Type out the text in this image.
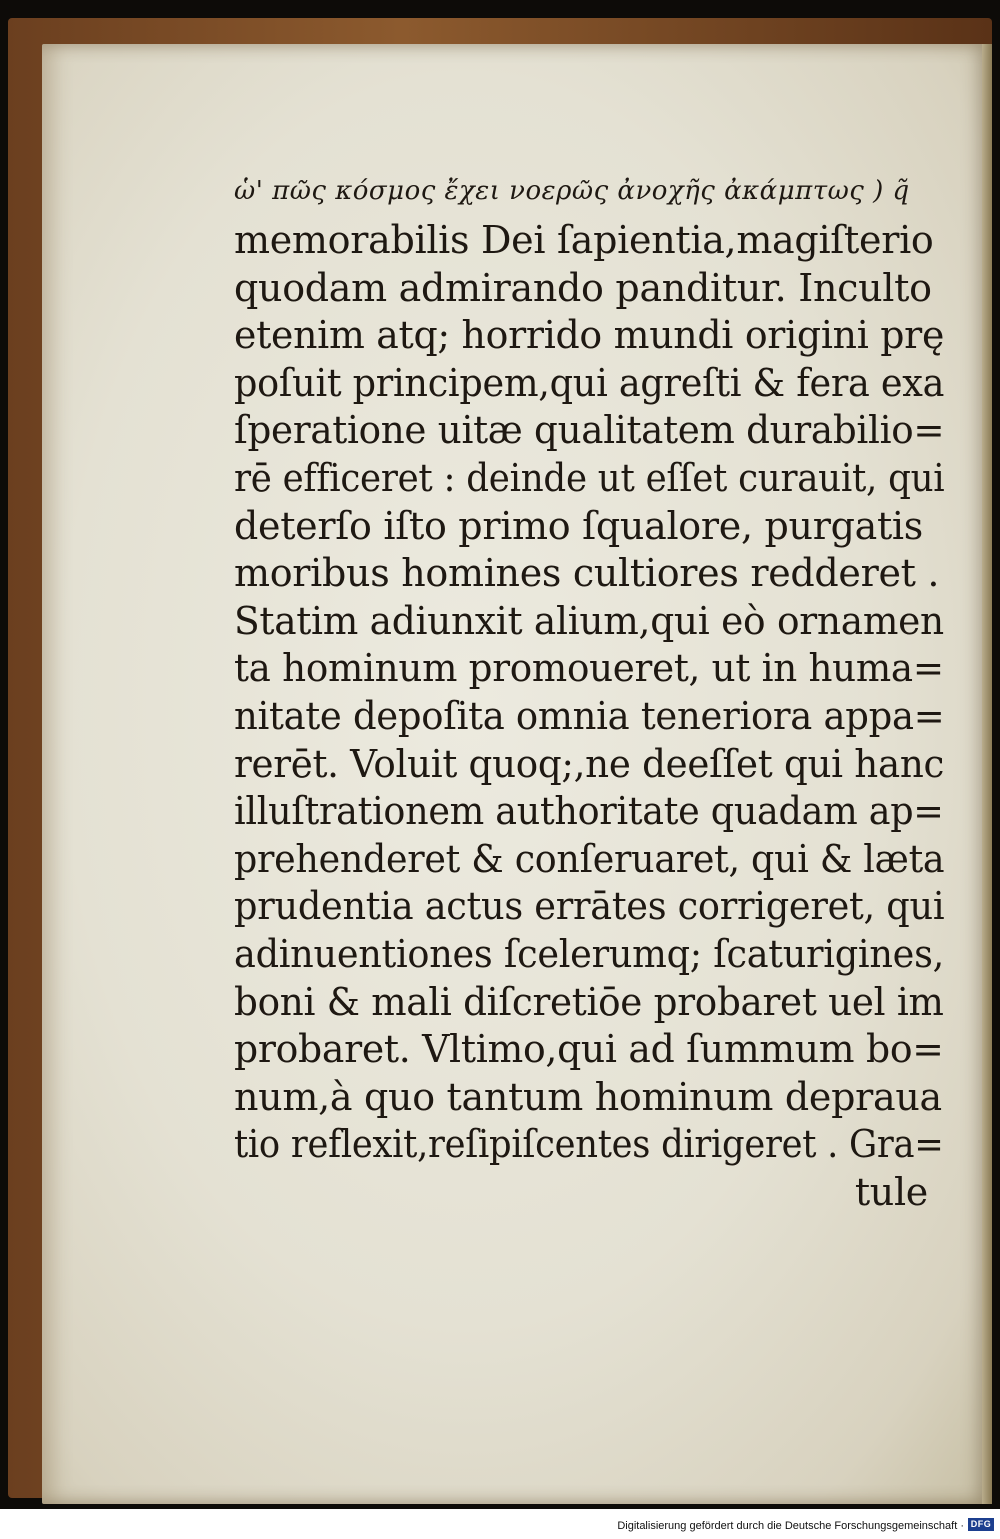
ὡ' πῶς κόσμος ἔχει νοερῶς ἀνοχῆς ἀκάμπτως ) q̃
memorabilis Dei ſapientia,magiſterio
quodam admirando panditur. Inculto
etenim atq; horrido mundi origini prę
poſuit principem,qui agreſti & fera exa
ſperatione uitæ qualitatem durabilio=
rē efficeret : deinde ut eſſet curauit, qui
deterſo iſto primo ſqualore, purgatis
moribus homines cultiores redderet .
Statim adiunxit alium,qui eò ornamen
ta hominum promoueret, ut in huma=
nitate depoſita omnia teneriora appa=
rerēt. Voluit quoq;,ne deeſſet qui hanc
illuſtrationem authoritate quadam ap=
prehenderet & conſeruaret, qui & læta
prudentia actus errātes corrigeret, qui
adinuentiones ſcelerumq; ſcaturigines,
boni & mali diſcretiōe probaret uel im
probaret. Vltimo,qui ad ſummum bo=
num,à quo tantum hominum deprauа
tio reflexit,reſipiſcentes dirigeret . Gra=
tule
Digitalisierung gefördert durch die Deutsche Forschungsgemeinschaft · DFG
